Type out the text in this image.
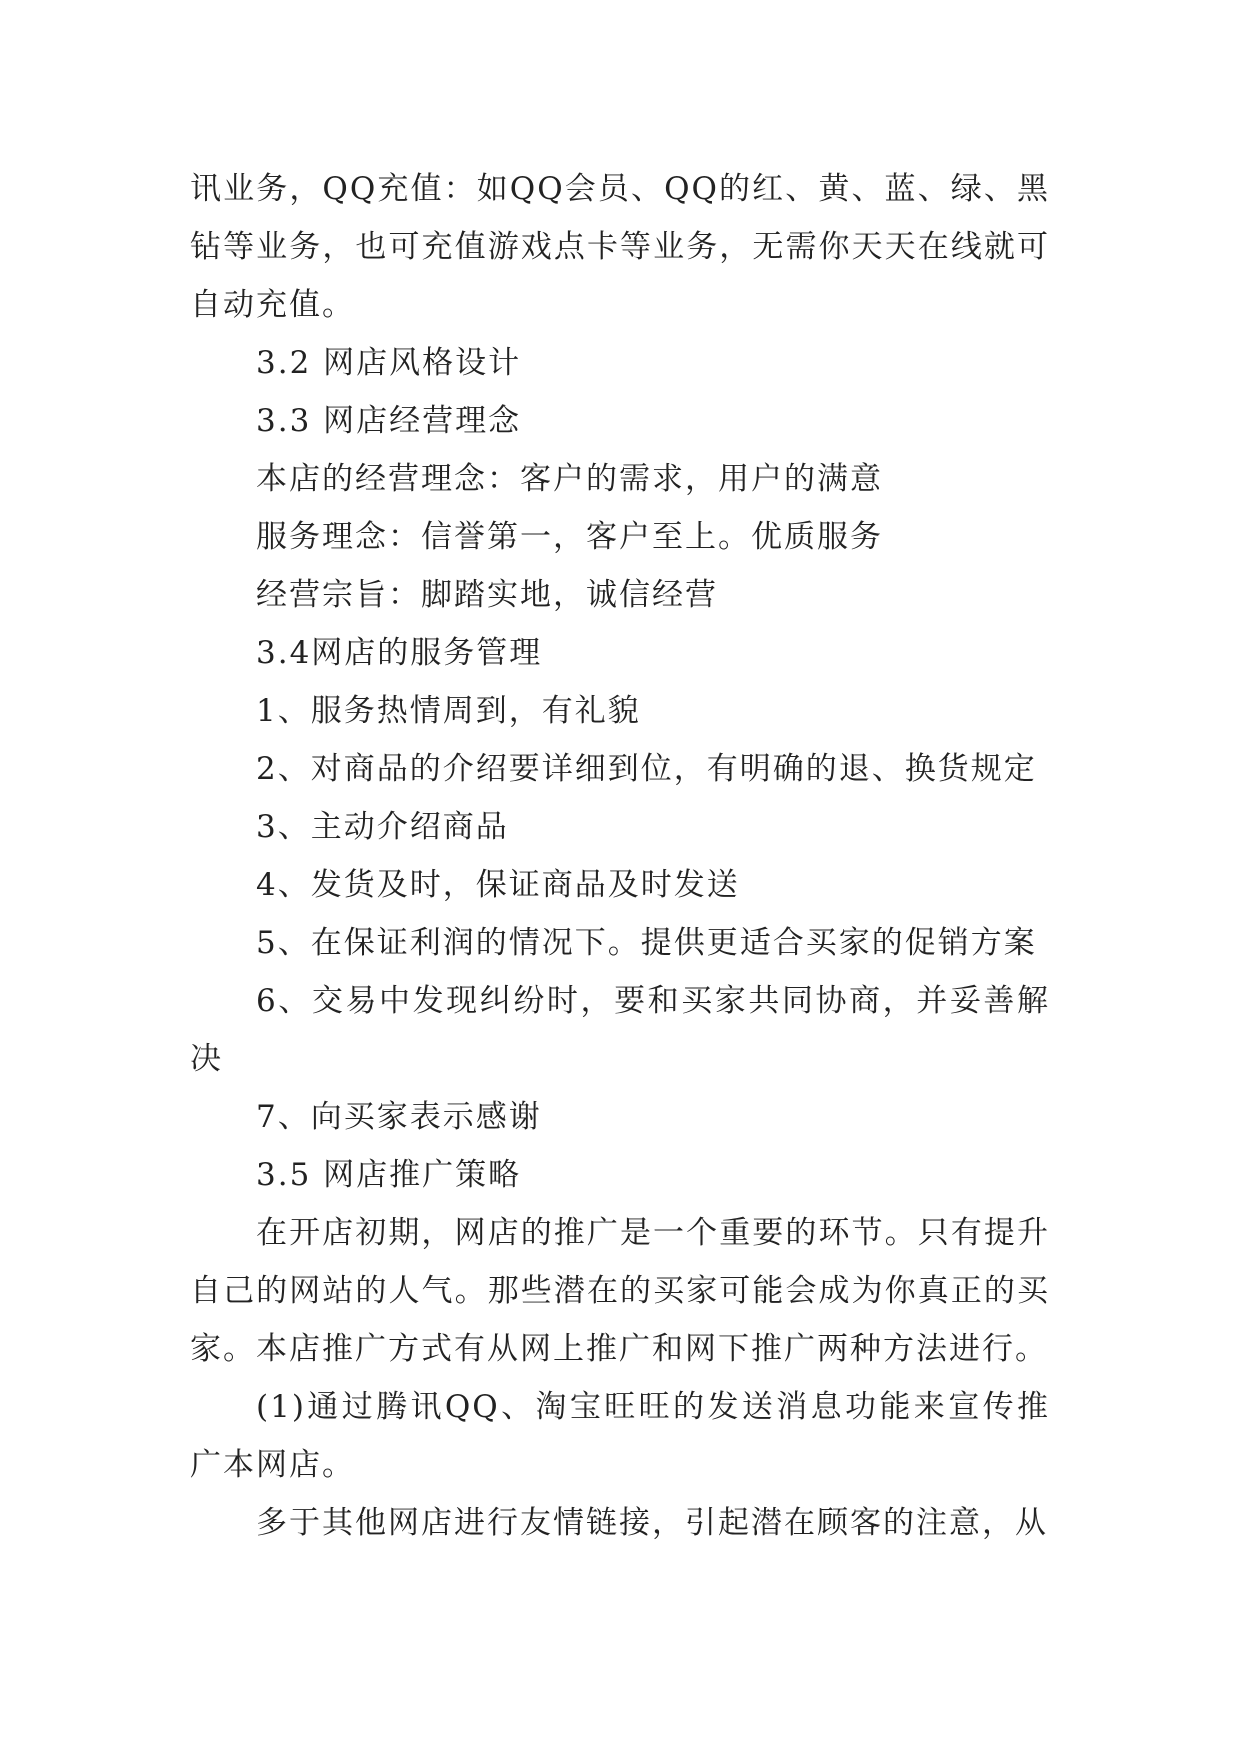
讯业务，QQ充值：如QQ会员、QQ的红、黄、蓝、绿、黑钻等业务，也可充值游戏点卡等业务，无需你天天在线就可自动充值。

3.2 网店风格设计

3.3 网店经营理念

本店的经营理念：客户的需求，用户的满意

服务理念：信誉第一，客户至上。优质服务

经营宗旨：脚踏实地，诚信经营

3.4网店的服务管理

1、服务热情周到，有礼貌

2、对商品的介绍要详细到位，有明确的退、换货规定

3、主动介绍商品

4、发货及时，保证商品及时发送

5、在保证利润的情况下。提供更适合买家的促销方案

6、交易中发现纠纷时，要和买家共同协商，并妥善解决

7、向买家表示感谢

3.5 网店推广策略

在开店初期，网店的推广是一个重要的环节。只有提升自己的网站的人气。那些潜在的买家可能会成为你真正的买家。本店推广方式有从网上推广和网下推广两种方法进行。

(1)通过腾讯QQ、淘宝旺旺的发送消息功能来宣传推广本网店。

多于其他网店进行友情链接，引起潜在顾客的注意，从
